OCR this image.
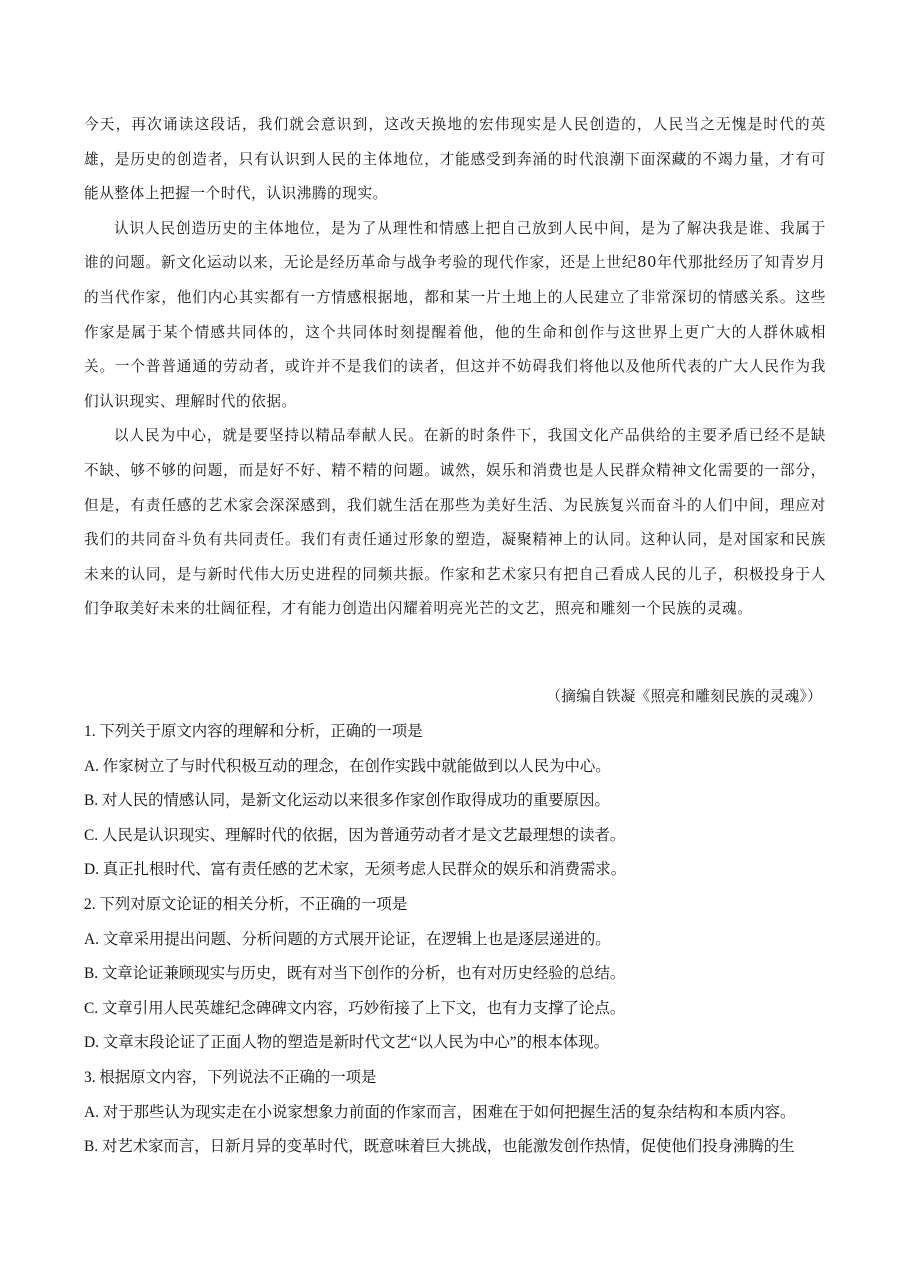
今天，再次诵读这段话，我们就会意识到，这改天换地的宏伟现实是人民创造的，人民当之无愧是时代的英雄，是历史的创造者，只有认识到人民的主体地位，才能感受到奔涌的时代浪潮下面深藏的不竭力量，才有可能从整体上把握一个时代，认识沸腾的现实。

认识人民创造历史的主体地位，是为了从理性和情感上把自己放到人民中间，是为了解决我是谁、我属于谁的问题。新文化运动以来，无论是经历革命与战争考验的现代作家，还是上世纪80年代那批经历了知青岁月的当代作家，他们内心其实都有一方情感根据地，都和某一片土地上的人民建立了非常深切的情感关系。这些作家是属于某个情感共同体的，这个共同体时刻提醒着他，他的生命和创作与这世界上更广大的人群休戚相关。一个普普通通的劳动者，或许并不是我们的读者，但这并不妨碍我们将他以及他所代表的广大人民作为我们认识现实、理解时代的依据。

以人民为中心，就是要坚持以精品奉献人民。在新的时条件下，我国文化产品供给的主要矛盾已经不是缺不缺、够不够的问题，而是好不好、精不精的问题。诚然，娱乐和消费也是人民群众精神文化需要的一部分，但是，有责任感的艺术家会深深感到，我们就生活在那些为美好生活、为民族复兴而奋斗的人们中间，理应对我们的共同奋斗负有共同责任。我们有责任通过形象的塑造，凝聚精神上的认同。这种认同，是对国家和民族未来的认同，是与新时代伟大历史进程的同频共振。作家和艺术家只有把自己看成人民的儿子，积极投身于人们争取美好未来的壮阔征程，才有能力创造出闪耀着明亮光芒的文艺，照亮和雕刻一个民族的灵魂。

（摘编自铁凝《照亮和雕刻民族的灵魂》）
1. 下列关于原文内容的理解和分析，正确的一项是
A. 作家树立了与时代积极互动的理念，在创作实践中就能做到以人民为中心。
B. 对人民的情感认同，是新文化运动以来很多作家创作取得成功的重要原因。
C. 人民是认识现实、理解时代的依据，因为普通劳动者才是文艺最理想的读者。
D. 真正扎根时代、富有责任感的艺术家，无须考虑人民群众的娱乐和消费需求。
2. 下列对原文论证的相关分析，不正确的一项是
A. 文章采用提出问题、分析问题的方式展开论证，在逻辑上也是逐层递进的。
B. 文章论证兼顾现实与历史，既有对当下创作的分析，也有对历史经验的总结。
C. 文章引用人民英雄纪念碑碑文内容，巧妙衔接了上下文，也有力支撑了论点。
D. 文章末段论证了正面人物的塑造是新时代文艺“以人民为中心”的根本体现。
3. 根据原文内容，下列说法不正确的一项是
A. 对于那些认为现实走在小说家想象力前面的作家而言，困难在于如何把握生活的复杂结构和本质内容。
B. 对艺术家而言，日新月异的变革时代，既意味着巨大挑战，也能激发创作热情，促使他们投身沸腾的生
